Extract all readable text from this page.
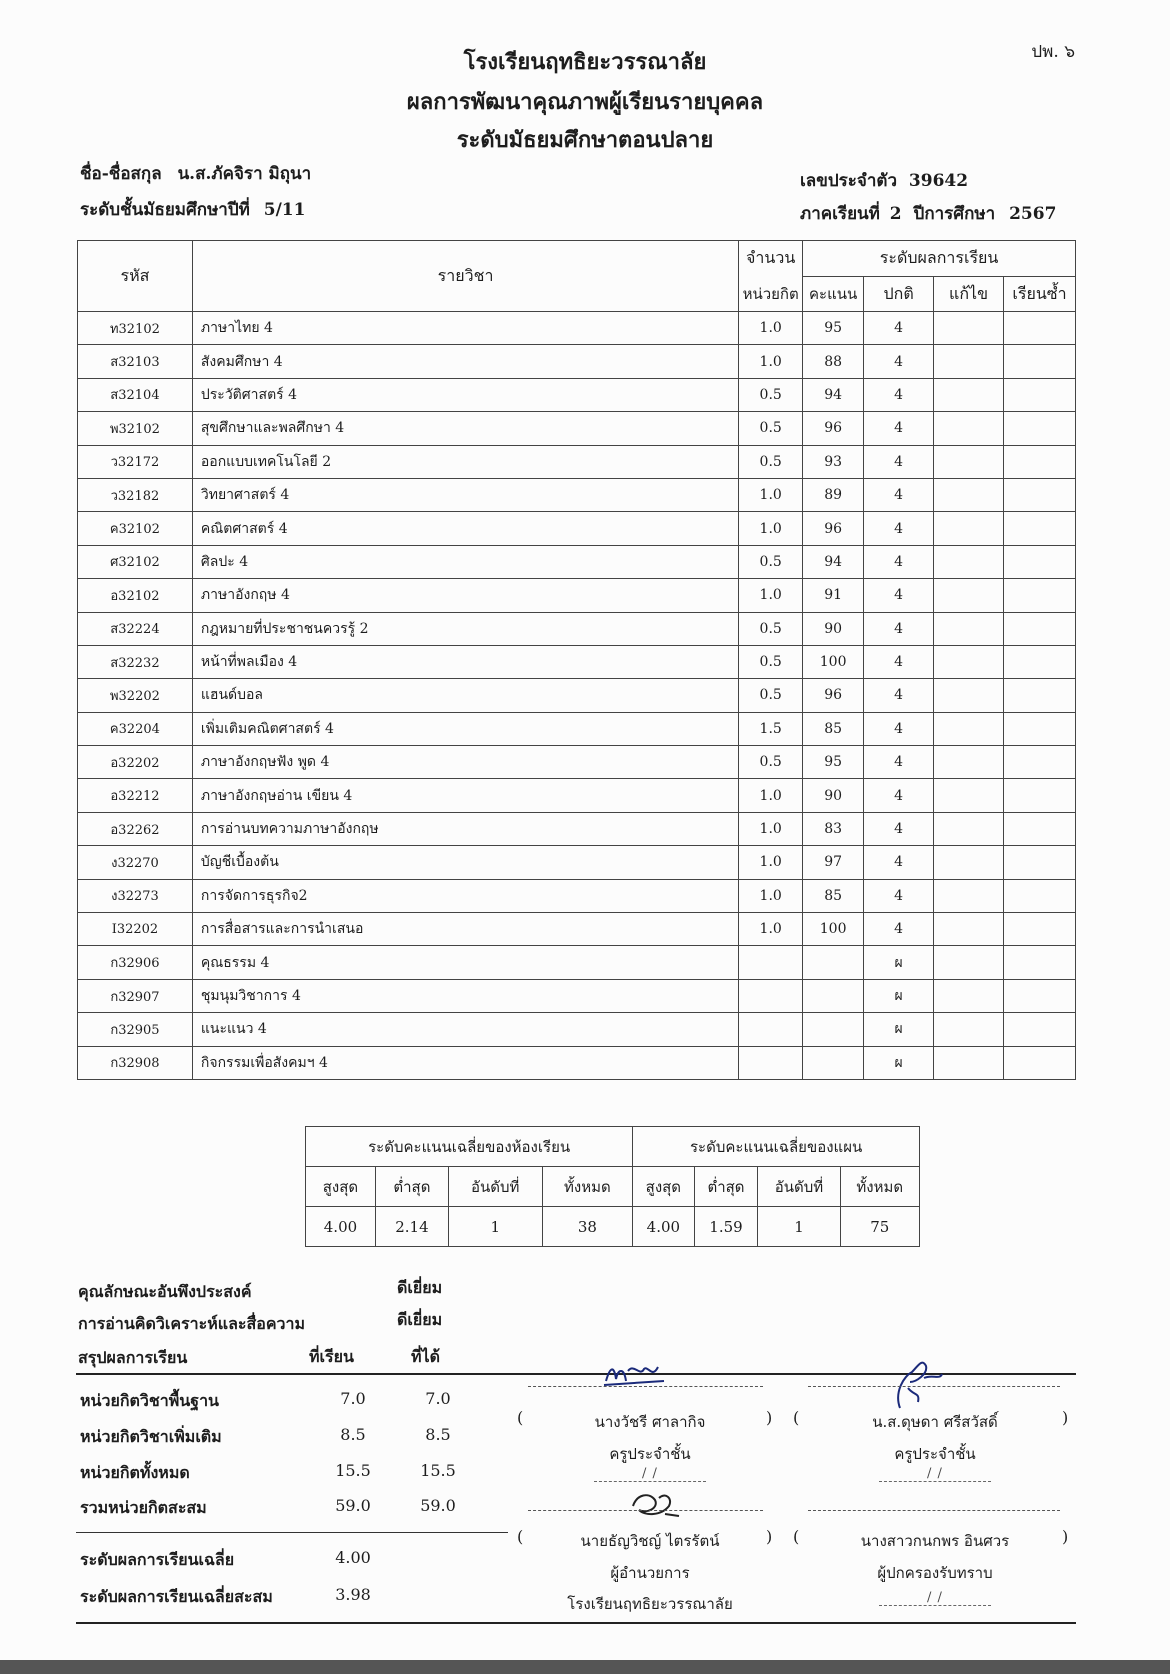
ปพ. ๖
โรงเรียนฤทธิยะวรรณาลัย
ผลการพัฒนาคุณภาพผู้เรียนรายบุคคล
ระดับมัธยมศึกษาตอนปลาย
ชื่อ-ชื่อสกุล น.ส.ภัคจิรา มิถุนา
ระดับชั้นมัธยมศึกษาปีที่ 5/11
เลขประจำตัว 39642
ภาคเรียนที่ 2 ปีการศึกษา 2567
รหัส	รายวิชา	จำนวน	ระดับผลการเรียน			
		หน่วยกิต	คะแนน	ปกติ	แก้ไข	เรียนซ้ำ
ท32102	ภาษาไทย 4	1.0	95	4		
ส32103	สังคมศึกษา 4	1.0	88	4		
ส32104	ประวัติศาสตร์ 4	0.5	94	4		
พ32102	สุขศึกษาและพลศึกษา 4	0.5	96	4		
ว32172	ออกแบบเทคโนโลยี 2	0.5	93	4		
ว32182	วิทยาศาสตร์ 4	1.0	89	4		
ค32102	คณิตศาสตร์ 4	1.0	96	4		
ศ32102	ศิลปะ 4	0.5	94	4		
อ32102	ภาษาอังกฤษ 4	1.0	91	4		
ส32224	กฎหมายที่ประชาชนควรรู้ 2	0.5	90	4		
ส32232	หน้าที่พลเมือง 4	0.5	100	4		
พ32202	แฮนด์บอล	0.5	96	4		
ค32204	เพิ่มเติมคณิตศาสตร์ 4	1.5	85	4		
อ32202	ภาษาอังกฤษฟัง พูด 4	0.5	95	4		
อ32212	ภาษาอังกฤษอ่าน เขียน 4	1.0	90	4		
อ32262	การอ่านบทความภาษาอังกฤษ	1.0	83	4		
ง32270	บัญชีเบื้องต้น	1.0	97	4		
ง32273	การจัดการธุรกิจ2	1.0	85	4		
I32202	การสื่อสารและการนำเสนอ	1.0	100	4		
ก32906	คุณธรรม 4			ผ		
ก32907	ชุมนุมวิชาการ 4			ผ		
ก32905	แนะแนว 4			ผ		
ก32908	กิจกรรมเพื่อสังคมฯ 4			ผ		
ระดับคะแนนเฉลี่ยของห้องเรียน				ระดับคะแนนเฉลี่ยของแผน			
สูงสุด	ต่ำสุด	อันดับที่	ทั้งหมด	สูงสุด	ต่ำสุด	อันดับที่	ทั้งหมด
4.00	2.14	1	38	4.00	1.59	1	75
คุณลักษณะอันพึงประสงค์
การอ่านคิดวิเคราะห์และสื่อความ
สรุปผลการเรียน
ดีเยี่ยม
ดีเยี่ยม
ที่เรียน	ที่ได้
หน่วยกิตวิชาพื้นฐาน	7.0	7.0
หน่วยกิตวิชาเพิ่มเติม	8.5	8.5
หน่วยกิตทั้งหมด	15.5	15.5
รวมหน่วยกิตสะสม	59.0	59.0
ระดับผลการเรียนเฉลี่ย	4.00
ระดับผลการเรียนเฉลี่ยสะสม	3.98
(	นางวัชรี ศาลากิจ	) (	น.ส.ดุษดา ศรีสวัสดิ์	)
ครูประจำชั้น	ครูประจำชั้น
/ /	/ /
(	นายธัญวิชญ์ ไตรรัตน์	) (	นางสาวกนกพร อินศวร	)
ผู้อำนวยการ	ผู้ปกครองรับทราบ
โรงเรียนฤทธิยะวรรณาลัย	/ /
